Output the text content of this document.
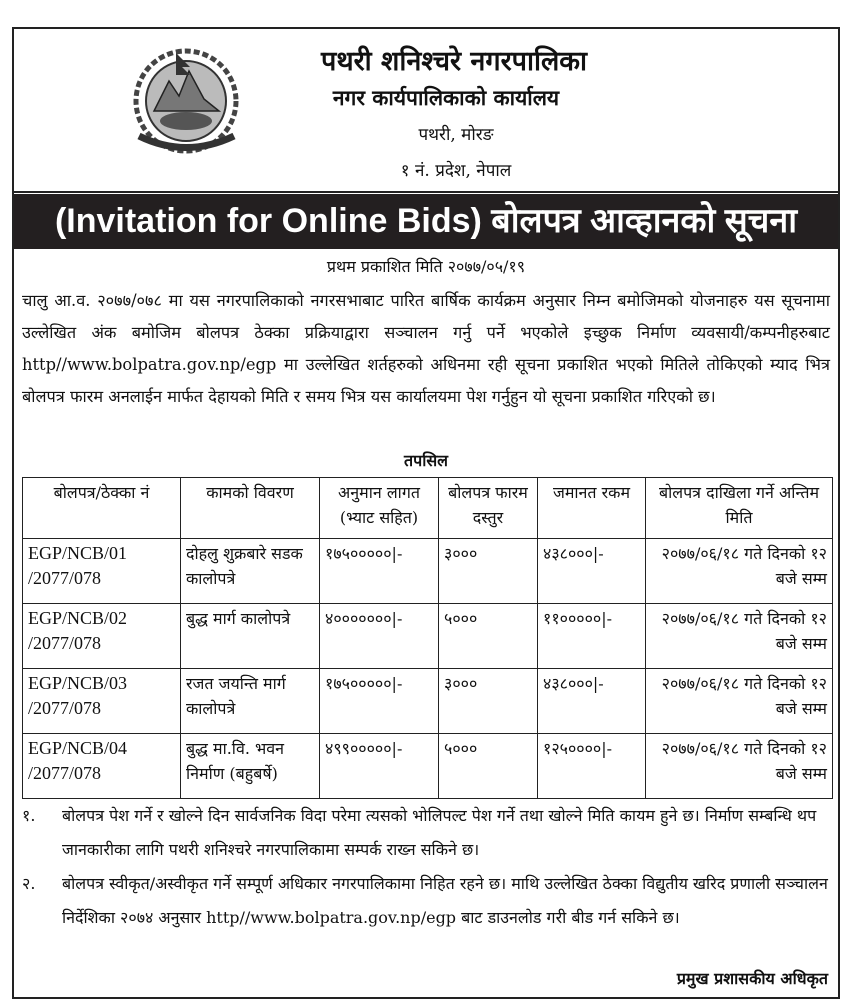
पथरी शनिश्चरे नगरपालिका
नगर कार्यपालिकाको कार्यालय
पथरी, मोरङ
१ नं. प्रदेश, नेपाल
(Invitation for Online Bids) बोलपत्र आव्हानको सूचना
प्रथम प्रकाशित मिति २०७७/०५/१९
चालु आ.व. २०७७/०७८ मा यस नगरपालिकाको नगरसभाबाट पारित बार्षिक कार्यक्रम अनुसार निम्न बमोजिमको योजनाहरु यस सूचनामा उल्लेखित अंक बमोजिम बोलपत्र ठेक्का प्रक्रियाद्वारा सञ्चालन गर्नु पर्ने भएकोले इच्छुक निर्माण व्यवसायी/कम्पनीहरुबाट http//www.bolpatra.gov.np/egp मा उल्लेखित शर्तहरुको अधिनमा रही सूचना प्रकाशित भएको मितिले तोकिएको म्याद भित्र बोलपत्र फारम अनलाईन मार्फत देहायको मिति र समय भित्र यस कार्यालयमा पेश गर्नुहुन यो सूचना प्रकाशित गरिएको छ।
तपसिल
बोलपत्र/ठेक्का नं	कामको विवरण	अनुमान लागत (भ्याट सहित)	बोलपत्र फारम दस्तुर	जमानत रकम	बोलपत्र दाखिला गर्ने अन्तिम मिति
EGP/NCB/01 /2077/078	दोहलु शुक्रबारे सडक कालोपत्रे	१७५०००००|-	३०००	४३८०००|-	२०७७/०६/१८ गते दिनको १२ बजे सम्म
EGP/NCB/02 /2077/078	बुद्ध मार्ग कालोपत्रे	४०००००००|-	५०००	११०००००|-	२०७७/०६/१८ गते दिनको १२ बजे सम्म
EGP/NCB/03 /2077/078	रजत जयन्ति मार्ग कालोपत्रे	१७५०००००|-	३०००	४३८०००|-	२०७७/०६/१८ गते दिनको १२ बजे सम्म
EGP/NCB/04 /2077/078	बुद्ध मा.वि. भवन निर्माण (बहुबर्षे)	४९९०००००|-	५०००	१२५००००|-	२०७७/०६/१८ गते दिनको १२ बजे सम्म
१.	बोलपत्र पेश गर्ने र खोल्ने दिन सार्वजनिक विदा परेमा त्यसको भोलिपल्ट पेश गर्ने तथा खोल्ने मिति कायम हुने छ। निर्माण सम्बन्धि थप जानकारीका लागि पथरी शनिश्चरे नगरपालिकामा सम्पर्क राख्न सकिने छ।
२.	बोलपत्र स्वीकृत/अस्वीकृत गर्ने सम्पूर्ण अधिकार नगरपालिकामा निहित रहने छ। माथि उल्लेखित ठेक्का विद्युतीय खरिद प्रणाली सञ्चालन निर्देशिका २०७४ अनुसार http//www.bolpatra.gov.np/egp बाट डाउनलोड गरी बीड गर्न सकिने छ।
प्रमुख प्रशासकीय अधिकृत
